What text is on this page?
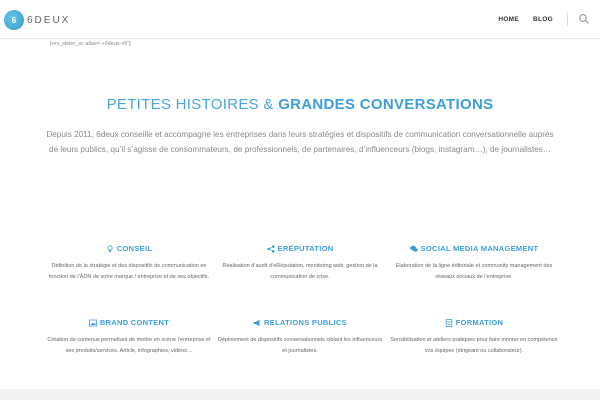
6	6DEUX	HOME BLOG
[rev_slider_vc alias= »6deux-v5″]
PETITES HISTOIRES & GRANDES CONVERSATIONS
Depuis 2011, 6deux conseille et accompagne les entreprises dans leurs stratégies et dispositifs de communication conversationnelle auprès de leurs publics, qu’il s’agisse de consommateurs, de professionnels, de partenaires, d’influenceurs (blogs, instagram…), de journalistes…
CONSEIL
Définition de la stratégie et des dispositifs de communication en fonction de l’ADN de votre marque / entreprise et de ses objectifs.
ERÉPUTATION
Réalisation d’audit d’eRéputation, monitoring web, gestion de la communication de crise.
SOCIAL MEDIA MANAGEMENT
Elaboration de la ligne éditoriale et community management des réseaux sociaux de l’entreprise.
BRAND CONTENT
Création de contenus permettant de mettre en scène l’entreprise et ses produits/services. Article, infographies, vidéos…
RELATIONS PUBLICS
Déploiement de dispositifs conversationnels ciblant les influenceurs et journalistes.
FORMATION
Sensibilisation et ateliers pratiques pour faire monter en compétence vos équipes (dirigeant ou collaborateur).
